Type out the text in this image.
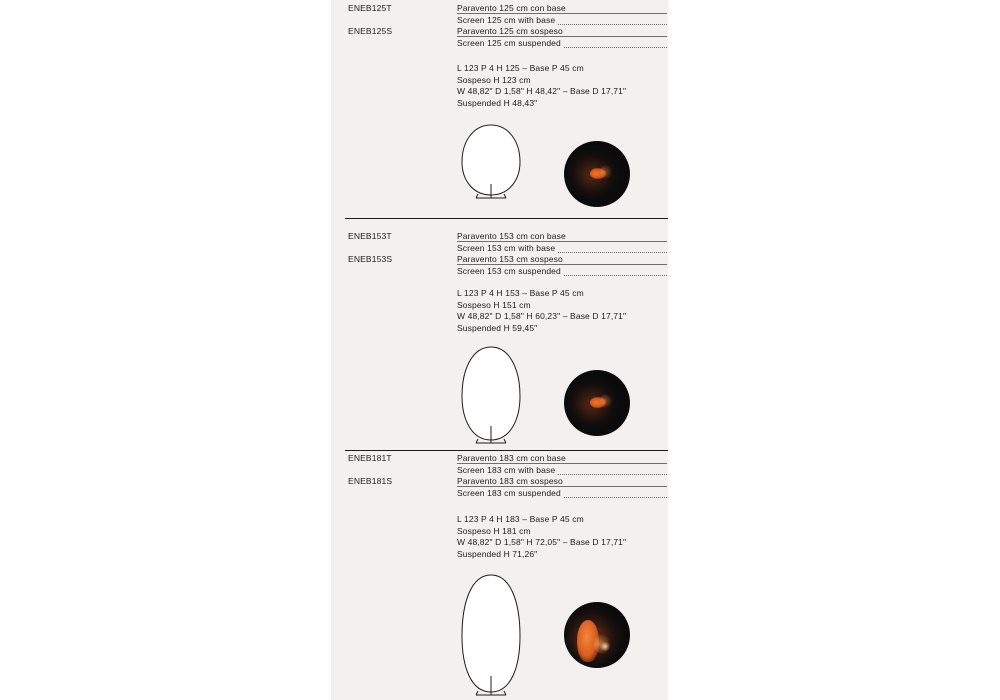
ENEB125T
ENEB125S
Paravento 125 cm con base
Screen 125 cm with base
Paravento 125 cm sospeso
Screen 125 cm suspended
L 123 P 4 H 125 – Base P 45 cm
Sospeso H 123 cm
W 48,82" D 1,58" H 48,42" – Base D 17,71"
Suspended H 48,43"
ENEB153T
ENEB153S
Paravento 153 cm con base
Screen 153 cm with base
Paravento 153 cm sospeso
Screen 153 cm suspended
L 123 P 4 H 153 – Base P 45 cm
Sospeso H 151 cm
W 48,82" D 1,58" H 60,23" – Base D 17,71"
Suspended H 59,45"
ENEB181T
ENEB181S
Paravento 183 cm con base
Screen 183 cm with base
Paravento 183 cm sospeso
Screen 183 cm suspended
L 123 P 4 H 183 – Base P 45 cm
Sospeso H 181 cm
W 48,82" D 1,58" H 72,05" – Base D 17,71"
Suspended H 71,26"
